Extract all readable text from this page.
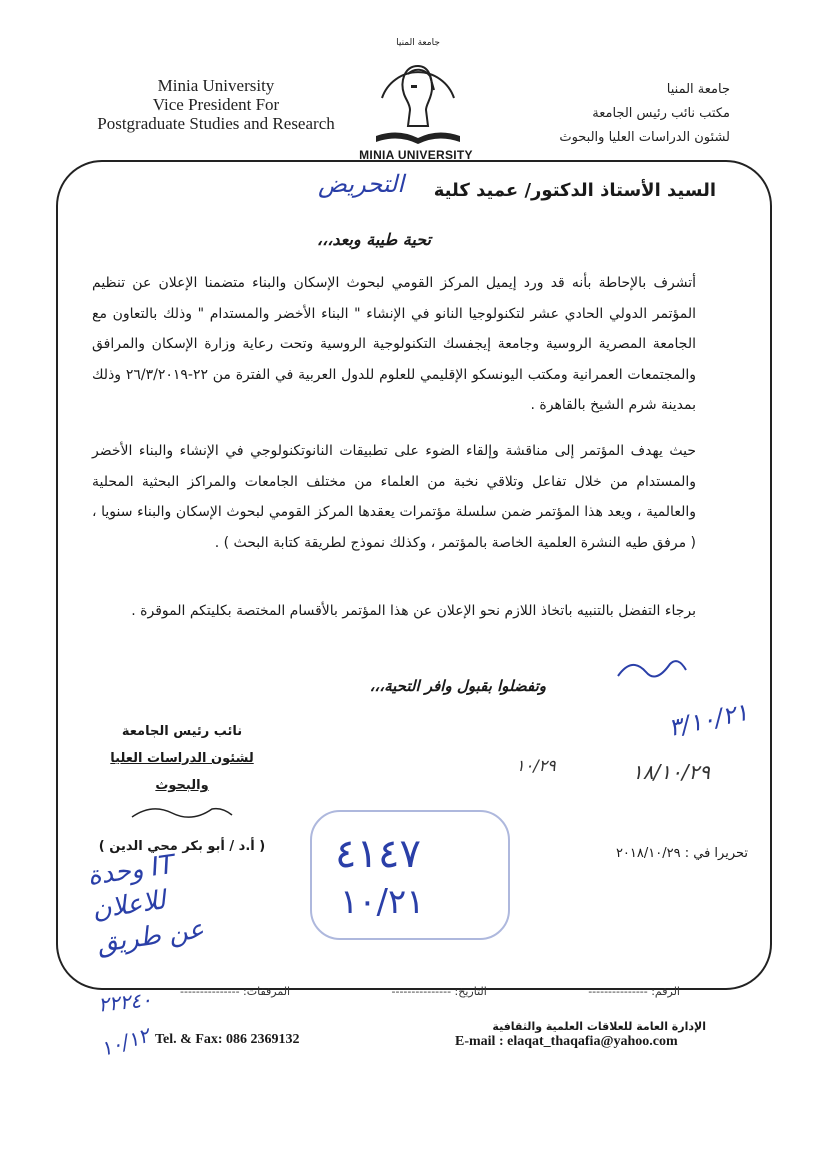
Minia University
Vice President For
Postgraduate Studies and Research
جامعة المنيا
مكتب نائب رئيس الجامعة
لشئون الدراسات العليا والبحوث
جامعة المنيا
MINIA UNIVERSITY
السيد الأستاذ الدكتور/ عميد كلية
التحريض
تحية طيبة وبعد،،،
أتشرف بالإحاطة بأنه قد ورد إيميل المركز القومي لبحوث الإسكان والبناء متضمنا الإعلان عن تنظيم المؤتمر الدولي الحادي عشر لتكنولوجيا النانو في الإنشاء " البناء الأخضر والمستدام " وذلك بالتعاون مع الجامعة المصرية الروسية وجامعة إيجفسك التكنولوجية الروسية وتحت رعاية وزارة الإسكان والمرافق والمجتمعات العمرانية ومكتب اليونسكو الإقليمي للعلوم للدول العربية في الفترة من ٢٢-٢٦/٣/٢٠١٩ وذلك بمدينة شرم الشيخ بالقاهرة .
حيث يهدف المؤتمر إلى مناقشة وإلقاء الضوء على تطبيقات النانوتكنولوجي في الإنشاء والبناء الأخضر والمستدام من خلال تفاعل وتلاقي نخبة من العلماء من مختلف الجامعات والمراكز البحثية المحلية والعالمية ، ويعد هذا المؤتمر ضمن سلسلة مؤتمرات يعقدها المركز القومي لبحوث الإسكان والبناء سنويا ، ( مرفق طيه النشرة العلمية الخاصة بالمؤتمر ، وكذلك نموذج لطريقة كتابة البحث ) .
برجاء التفضل بالتنبيه باتخاذ اللازم نحو الإعلان عن هذا المؤتمر بالأقسام المختصة بكليتكم الموقرة .
وتفضلوا بقبول وافر التحية،،،
نائب رئيس الجامعة
لشئون الدراسات العليا والبحوث
( أ.د / أبو بكر محي الدين )	تحريرا في : ٢٠١٨/١٠/٢٩
٤١٤٧
١٠/٢١
وحدة IT
للاعلان
عن طريق
٣/١٠/٢١
١٨/١٠/٢٩
١٠/٢٩
٢٢٢٤٠
١٠/١٢
الرقم: ---------------
التاريخ: ---------------
المرفقات: ---------------
الإدارة العامة للعلاقات العلمية والثقافية
Tel. & Fax: 086 2369132	E-mail : elaqat_thaqafia@yahoo.com
